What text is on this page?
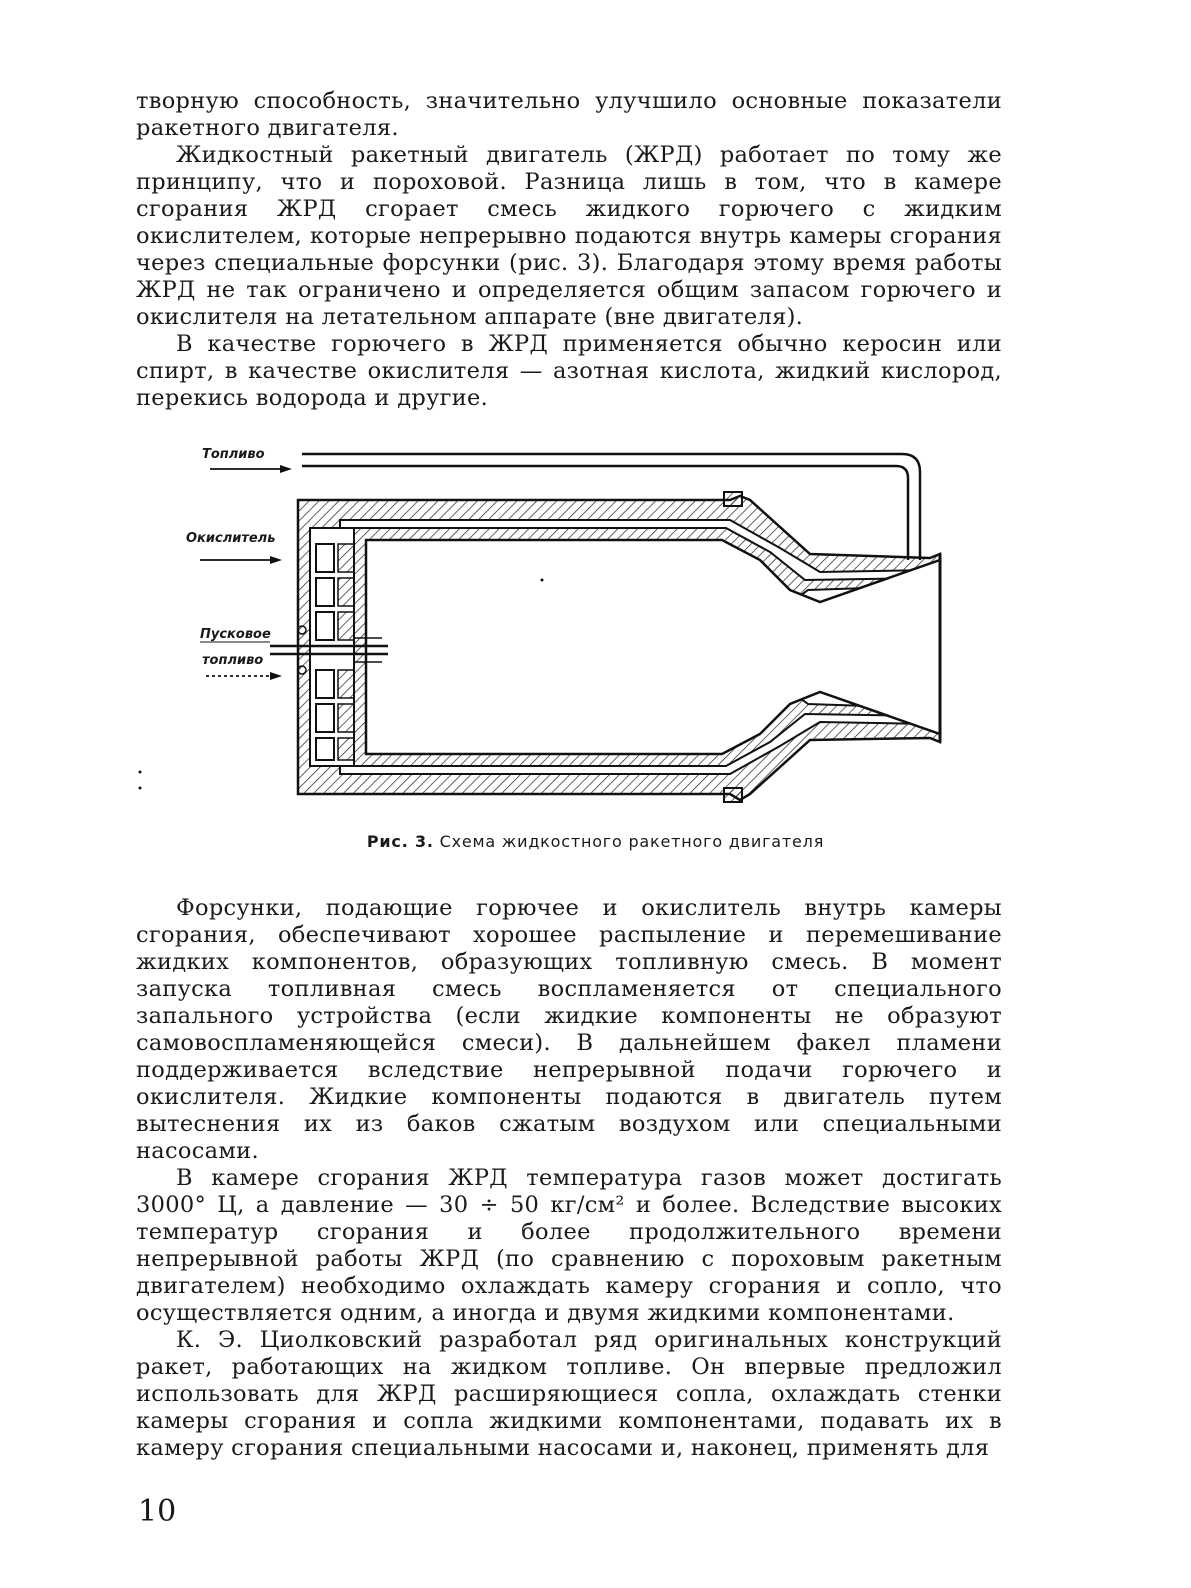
творную способность, значительно улучшило основные показатели ракетного двигателя.

Жидкостный ракетный двигатель (ЖРД) работает по тому же принципу, что и пороховой. Разница лишь в том, что в камере сгорания ЖРД сгорает смесь жидкого горючего с жидким окислителем, которые непрерывно подаются внутрь камеры сгорания через специальные форсунки (рис. 3). Благодаря этому время работы ЖРД не так ограничено и определяется общим запасом горючего и окислителя на летательном аппарате (вне двигателя).

В качестве горючего в ЖРД применяется обычно керосин или спирт, в качестве окислителя — азотная кислота, жидкий кислород, перекись водорода и другие.

Топливо
Окислитель
Пусковое
топливо
Рис. 3. Схема жидкостного ракетного двигателя

Форсунки, подающие горючее и окислитель внутрь камеры сгорания, обеспечивают хорошее распыление и перемешивание жидких компонентов, образующих топливную смесь. В момент запуска топливная смесь воспламеняется от специального запального устройства (если жидкие компоненты не образуют самовоспламеняющейся смеси). В дальнейшем факел пламени поддерживается вследствие непрерывной подачи горючего и окислителя. Жидкие компоненты подаются в двигатель путем вытеснения их из баков сжатым воздухом или специальными насосами.

В камере сгорания ЖРД температура газов может достигать 3000° Ц, а давление — 30 ÷ 50 кг/см² и более. Вследствие высоких температур сгорания и более продолжительного времени непрерывной работы ЖРД (по сравнению с пороховым ракетным двигателем) необходимо охлаждать камеру сгорания и сопло, что осуществляется одним, а иногда и двумя жидкими компонентами.

К. Э. Циолковский разработал ряд оригинальных конструкций ракет, работающих на жидком топливе. Он впервые предложил использовать для ЖРД расширяющиеся сопла, охлаждать стенки камеры сгорания и сопла жидкими компонентами, подавать их в камеру сгорания специальными насосами и, наконец, применять для

10
